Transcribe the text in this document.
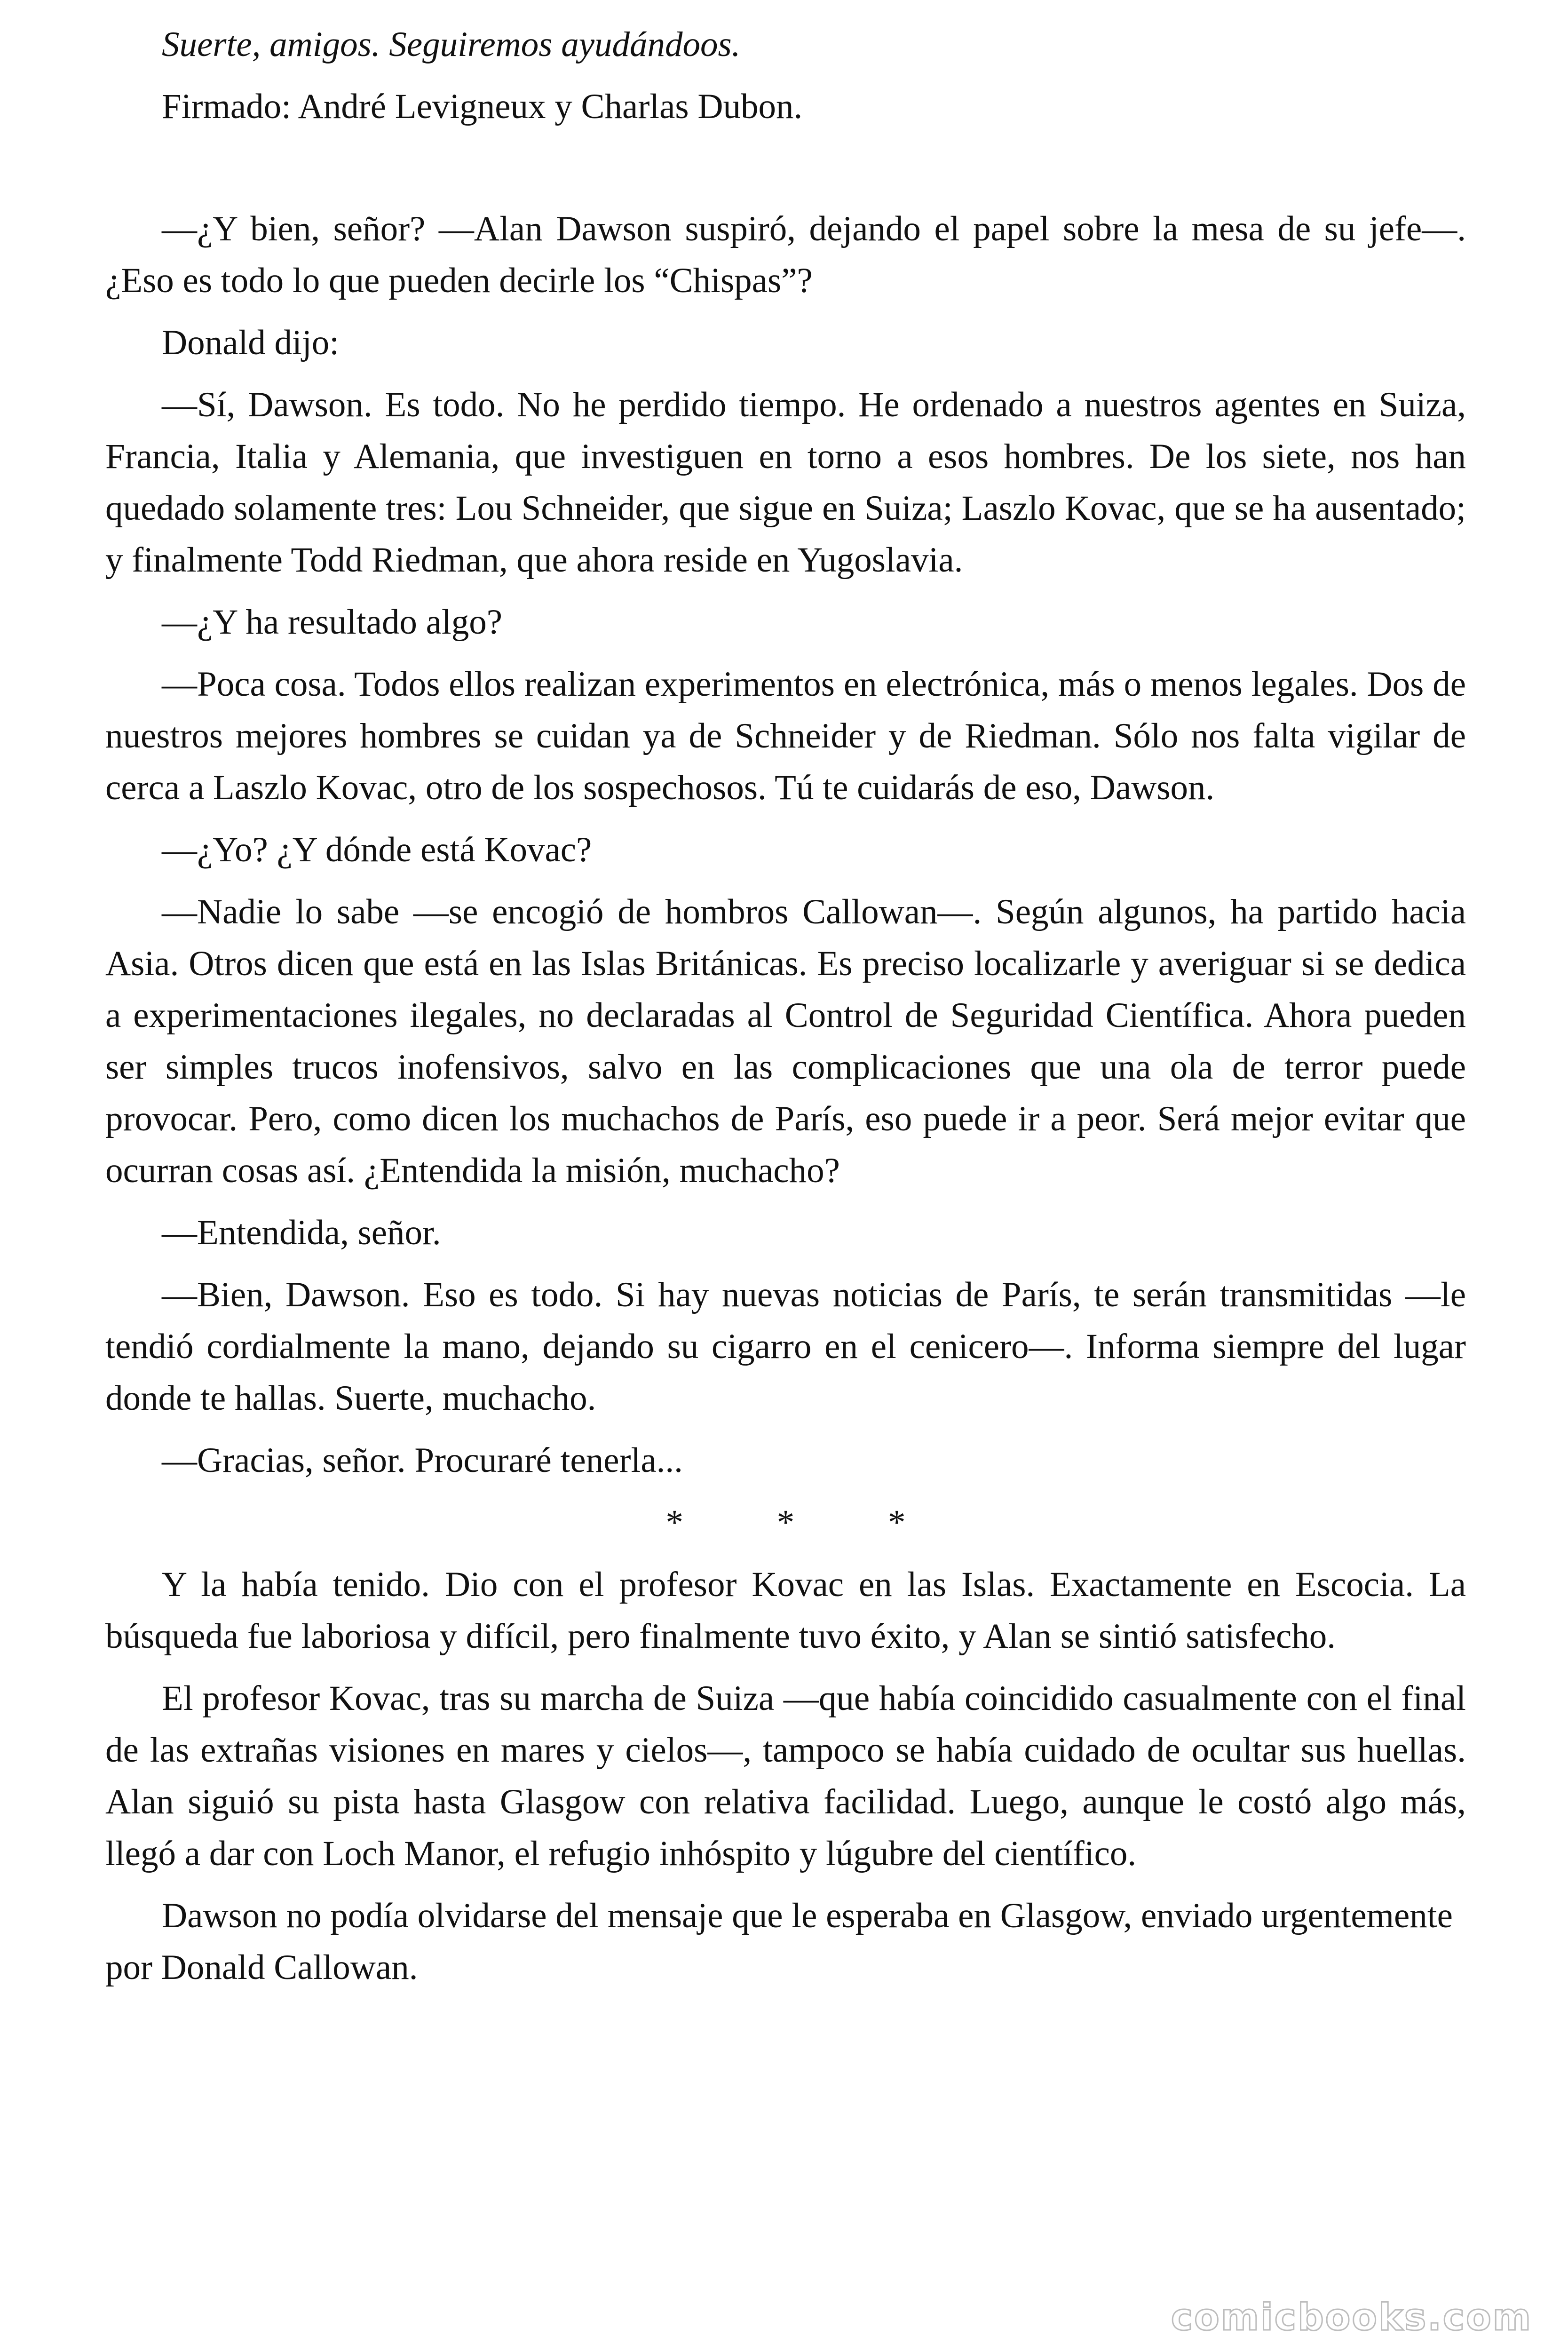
Suerte, amigos. Seguiremos ayudándoos.

Firmado: André Levigneux y Charlas Dubon.

—¿Y bien, señor? —Alan Dawson suspiró, dejando el papel sobre la mesa de su jefe—. ¿Eso es todo lo que pueden decirle los “Chispas”?

Donald dijo:

—Sí, Dawson. Es todo. No he perdido tiempo. He ordenado a nuestros agentes en Suiza, Francia, Italia y Alemania, que investiguen en torno a esos hombres. De los siete, nos han quedado solamente tres: Lou Schneider, que sigue en Suiza; Laszlo Kovac, que se ha ausentado; y finalmente Todd Riedman, que ahora reside en Yugoslavia.

—¿Y ha resultado algo?

—Poca cosa. Todos ellos realizan experimentos en electrónica, más o menos legales. Dos de nuestros mejores hombres se cuidan ya de Schneider y de Riedman. Sólo nos falta vigilar de cerca a Laszlo Kovac, otro de los sospechosos. Tú te cuidarás de eso, Dawson.

—¿Yo? ¿Y dónde está Kovac?

—Nadie lo sabe —se encogió de hombros Callowan—. Según algunos, ha partido hacia Asia. Otros dicen que está en las Islas Británicas. Es preciso localizarle y averiguar si se dedica a experimentaciones ilegales, no declaradas al Control de Seguridad Científica. Ahora pueden ser simples trucos inofensivos, salvo en las complicaciones que una ola de terror puede provocar. Pero, como dicen los muchachos de París, eso puede ir a peor. Será mejor evitar que ocurran cosas así. ¿Entendida la misión, muchacho?

—Entendida, señor.

—Bien, Dawson. Eso es todo. Si hay nuevas noticias de París, te serán transmitidas —le tendió cordialmente la mano, dejando su cigarro en el cenicero—. Informa siempre del lugar donde te hallas. Suerte, muchacho.

—Gracias, señor. Procuraré tenerla...

* * *

Y la había tenido. Dio con el profesor Kovac en las Islas. Exactamente en Escocia. La búsqueda fue laboriosa y difícil, pero finalmente tuvo éxito, y Alan se sintió satisfecho.

El profesor Kovac, tras su marcha de Suiza —que había coincidido casualmente con el final de las extrañas visiones en mares y cielos—, tampoco se había cuidado de ocultar sus huellas. Alan siguió su pista hasta Glasgow con relativa facilidad. Luego, aunque le costó algo más, llegó a dar con Loch Manor, el refugio inhóspito y lúgubre del científico.

Dawson no podía olvidarse del mensaje que le esperaba en Glasgow, enviado urgentemente por Donald Callowan.

comicbooks.com
